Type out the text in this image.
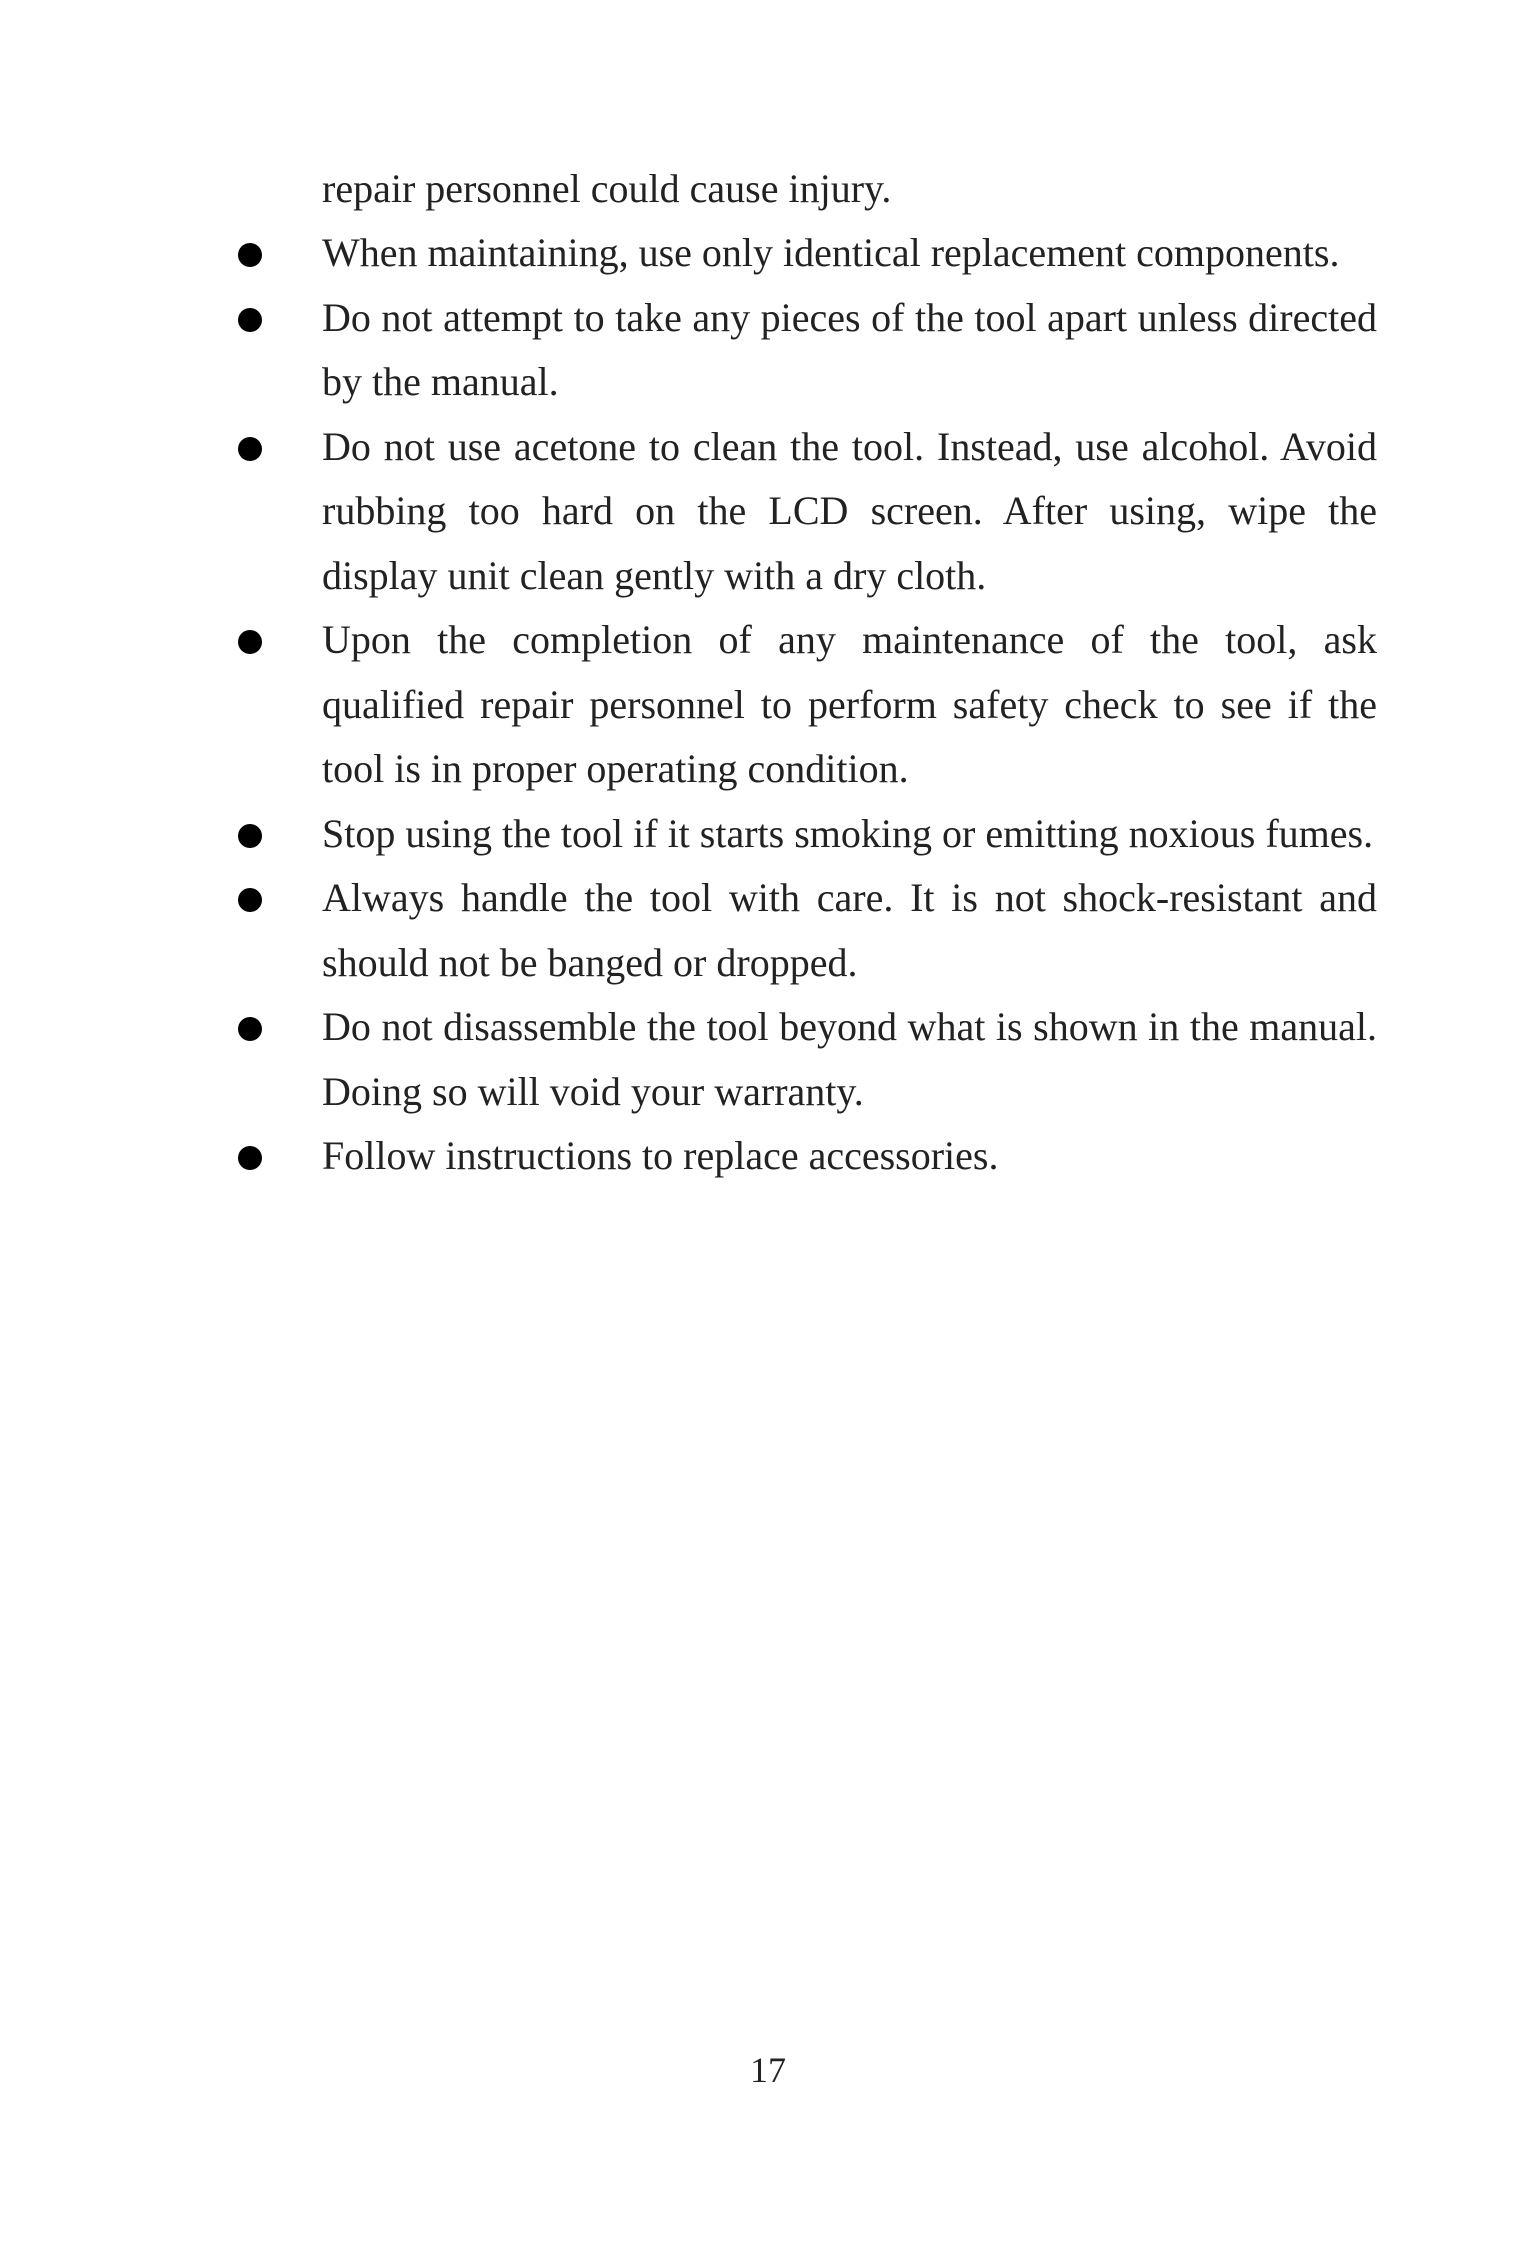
repair personnel could cause injury.

When maintaining, use only identical replacement components.
Do not attempt to take any pieces of the tool apart unless directed by the manual.
Do not use acetone to clean the tool. Instead, use alcohol. Avoid rubbing too hard on the LCD screen. After using, wipe the display unit clean gently with a dry cloth.
Upon the completion of any maintenance of the tool, ask qualified repair personnel to perform safety check to see if the tool is in proper operating condition.
Stop using the tool if it starts smoking or emitting noxious fumes.
Always handle the tool with care. It is not shock-resistant and should not be banged or dropped.
Do not disassemble the tool beyond what is shown in the manual. Doing so will void your warranty.
Follow instructions to replace accessories.
17
